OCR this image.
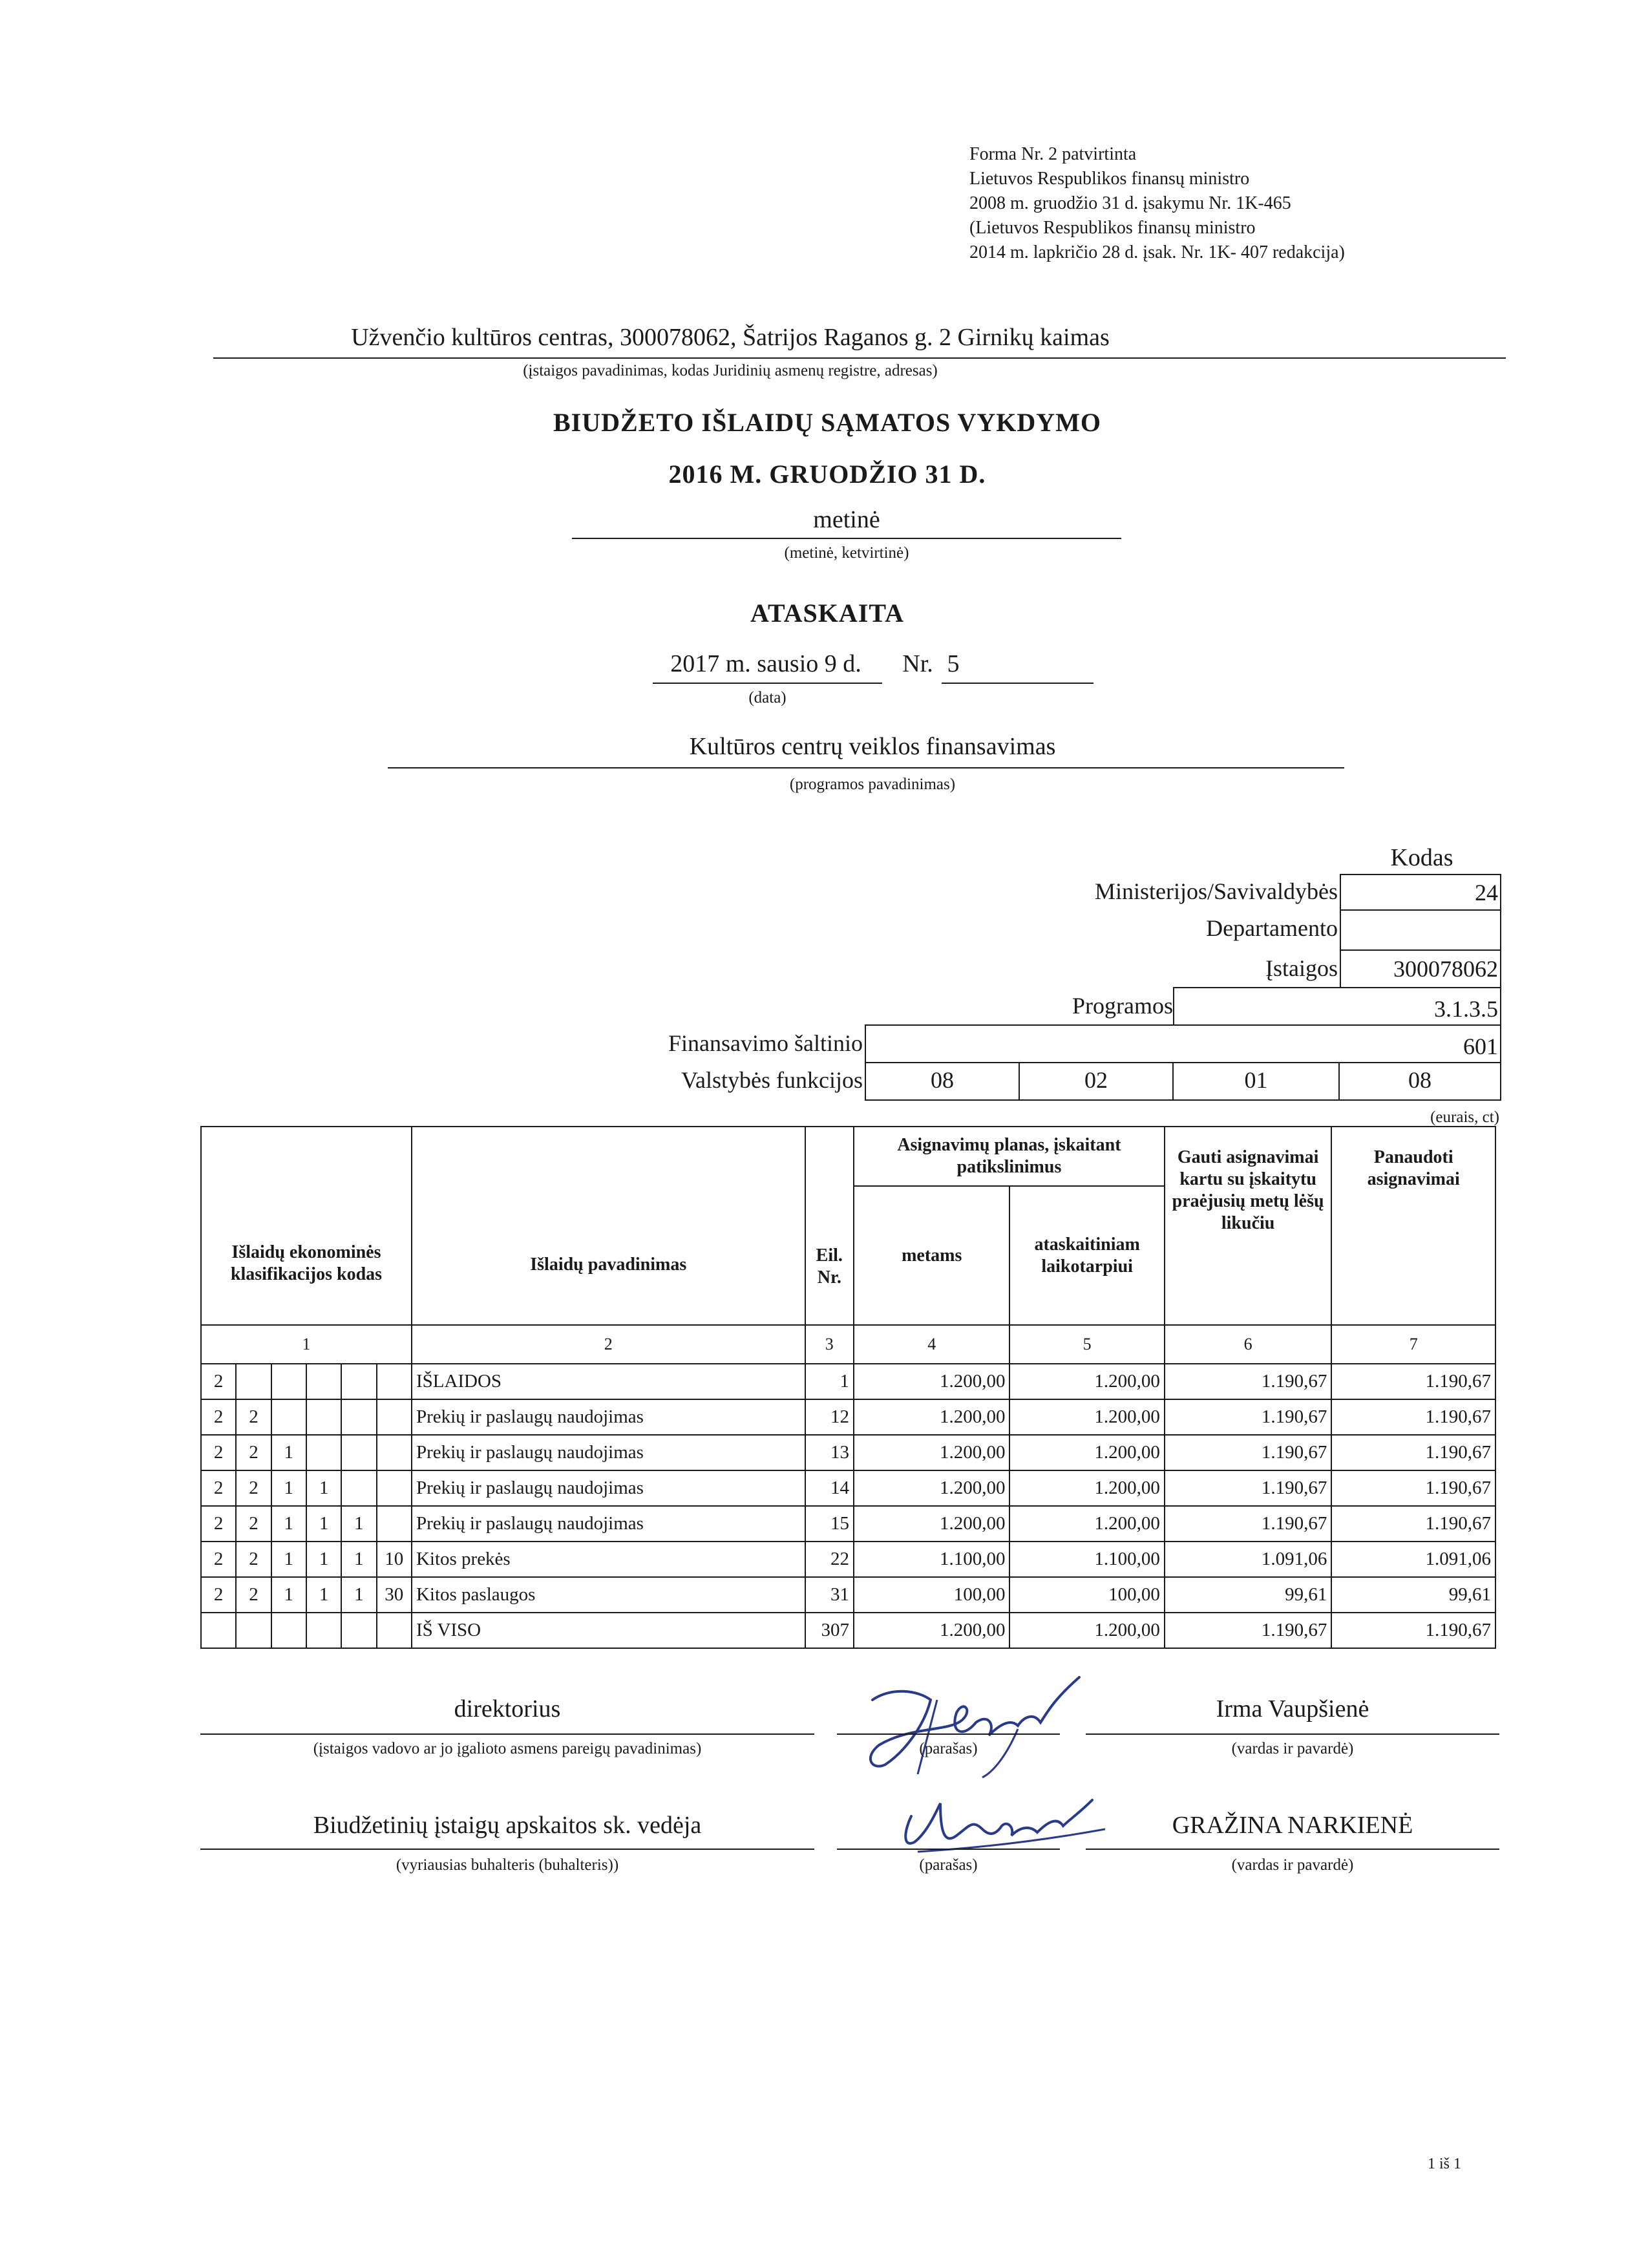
Forma Nr. 2 patvirtinta
Lietuvos Respublikos finansų ministro
2008 m. gruodžio 31 d. įsakymu Nr. 1K-465
(Lietuvos Respublikos finansų ministro
2014 m. lapkričio 28 d. įsak. Nr. 1K- 407 redakcija)
Užvenčio kultūros centras, 300078062, Šatrijos Raganos g. 2 Girnikų kaimas
(įstaigos pavadinimas, kodas Juridinių asmenų registre, adresas)
BIUDŽETO IŠLAIDŲ SĄMATOS VYKDYMO
2016 M. GRUODŽIO 31 D.
metinė
(metinė, ketvirtinė)
ATASKAITA
2017 m. sausio 9 d.	Nr. 5
(data)
Kultūros centrų veiklos finansavimas
(programos pavadinimas)
Kodas
Ministerijos/Savivaldybės	24
Departamento
Įstaigos	300078062
Programos	3.1.3.5
Finansavimo šaltinio	601
Valstybės funkcijos	08	02	01	08
(eurais, ct)
Išlaidų ekonominės klasifikacijos kodas						Išlaidų pavadinimas	Eil. Nr.	Asignavimų planas, įskaitant patikslinimus		Gauti asignavimai kartu su įskaitytu praėjusių metų lėšų likučiu	Panaudoti asignavimai
								metams	ataskaitiniam laikotarpiui		
1						2	3	4	5	6	7
2						IŠLAIDOS	1	1.200,00	1.200,00	1.190,67	1.190,67
2	2					Prekių ir paslaugų naudojimas	12	1.200,00	1.200,00	1.190,67	1.190,67
2	2	1				Prekių ir paslaugų naudojimas	13	1.200,00	1.200,00	1.190,67	1.190,67
2	2	1	1			Prekių ir paslaugų naudojimas	14	1.200,00	1.200,00	1.190,67	1.190,67
2	2	1	1	1		Prekių ir paslaugų naudojimas	15	1.200,00	1.200,00	1.190,67	1.190,67
2	2	1	1	1	10	Kitos prekės	22	1.100,00	1.100,00	1.091,06	1.091,06
2	2	1	1	1	30	Kitos paslaugos	31	100,00	100,00	99,61	99,61
						IŠ VISO	307	1.200,00	1.200,00	1.190,67	1.190,67
direktorius
(įstaigos vadovo ar jo įgalioto asmens pareigų pavadinimas)	(parašas)
Irma Vaupšienė
(vardas ir pavardė)
Biudžetinių įstaigų apskaitos sk. vedėja
(vyriausias buhalteris (buhalteris))	(parašas)
GRAŽINA NARKIENĖ
(vardas ir pavardė)
1 iš 1
